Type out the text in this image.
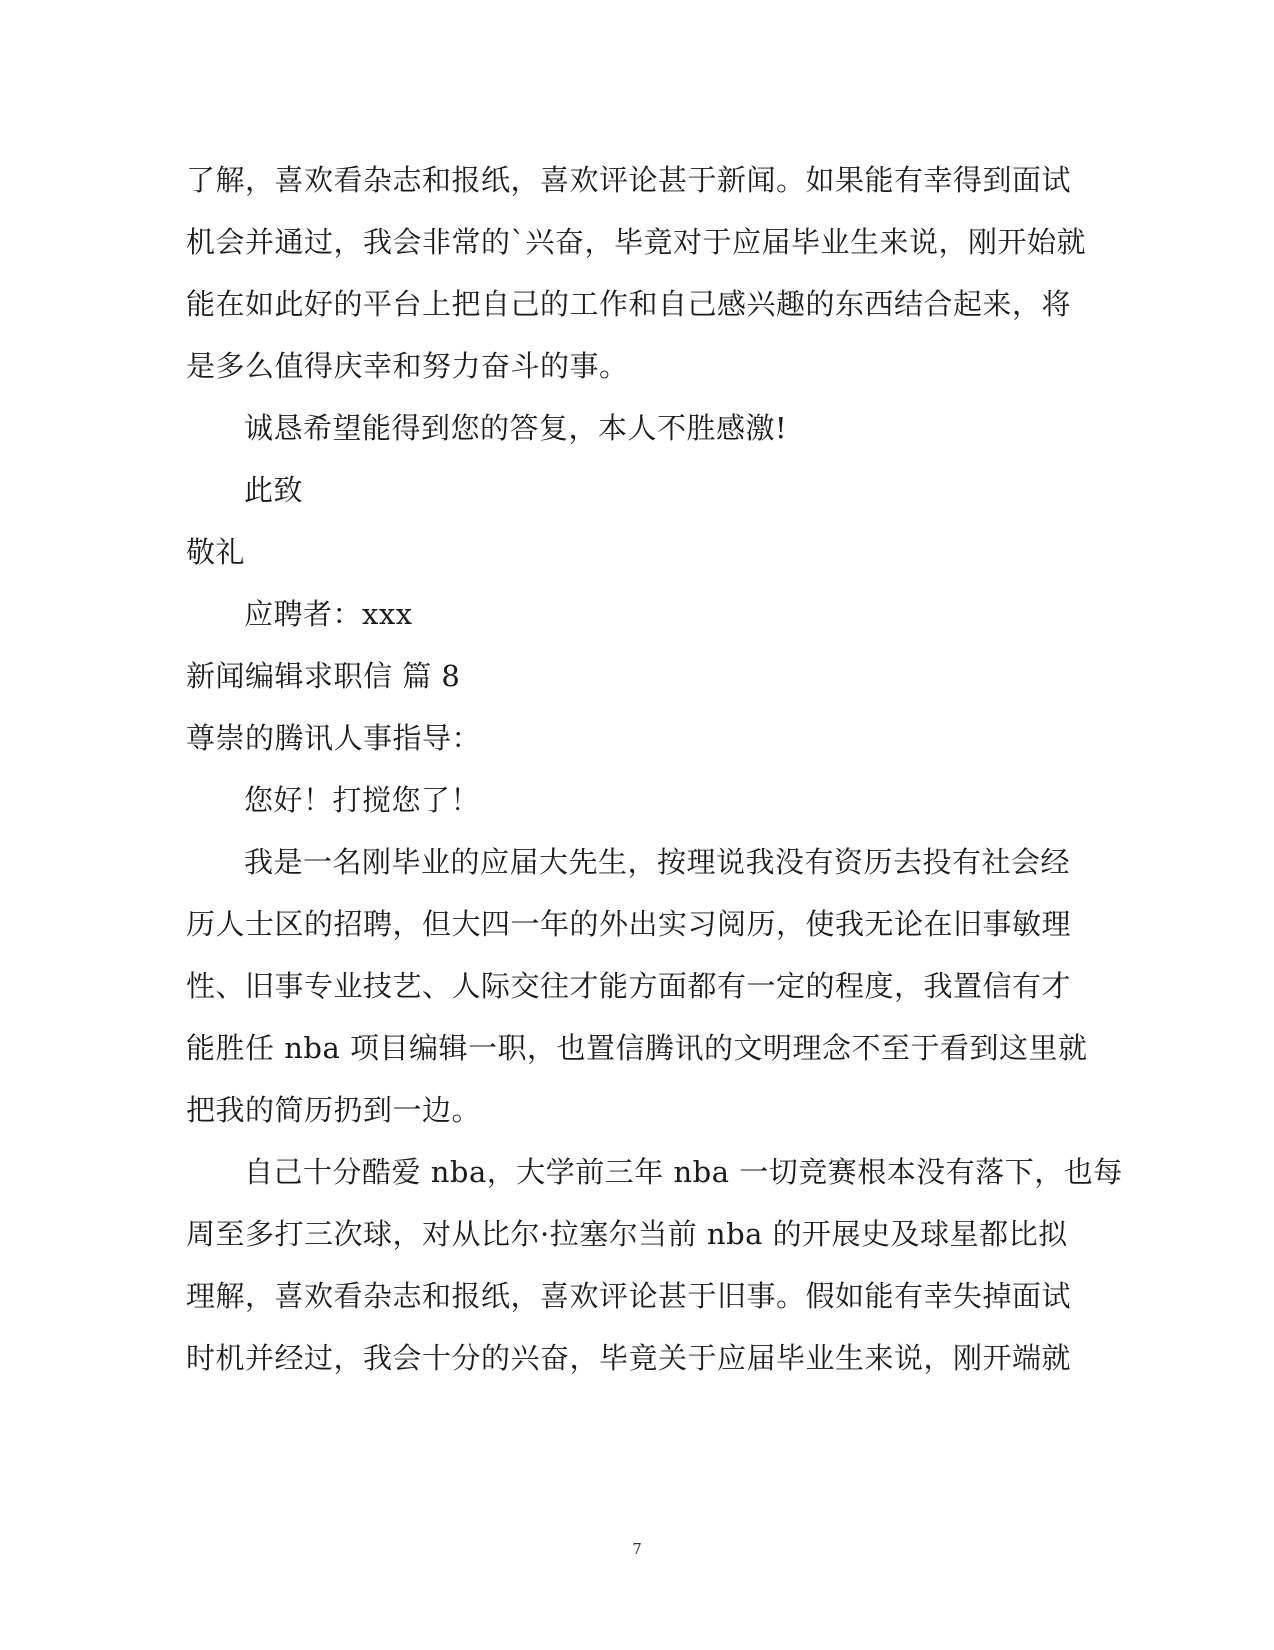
了解，喜欢看杂志和报纸，喜欢评论甚于新闻。如果能有幸得到面试
机会并通过，我会非常的`兴奋，毕竟对于应届毕业生来说，刚开始就
能在如此好的平台上把自己的工作和自己感兴趣的东西结合起来，将
是多么值得庆幸和努力奋斗的事。
诚恳希望能得到您的答复，本人不胜感激!
此致
敬礼
应聘者：xxx
新闻编辑求职信 篇 8
尊崇的腾讯人事指导：
您好！打搅您了！
我是一名刚毕业的应届大先生，按理说我没有资历去投有社会经
历人士区的招聘，但大四一年的外出实习阅历，使我无论在旧事敏理
性、旧事专业技艺、人际交往才能方面都有一定的程度，我置信有才
能胜任 nba 项目编辑一职，也置信腾讯的文明理念不至于看到这里就
把我的简历扔到一边。
自己十分酷爱 nba，大学前三年 nba 一切竞赛根本没有落下，也每
周至多打三次球，对从比尔·拉塞尔当前 nba 的开展史及球星都比拟
理解，喜欢看杂志和报纸，喜欢评论甚于旧事。假如能有幸失掉面试
时机并经过，我会十分的兴奋，毕竟关于应届毕业生来说，刚开端就
7
